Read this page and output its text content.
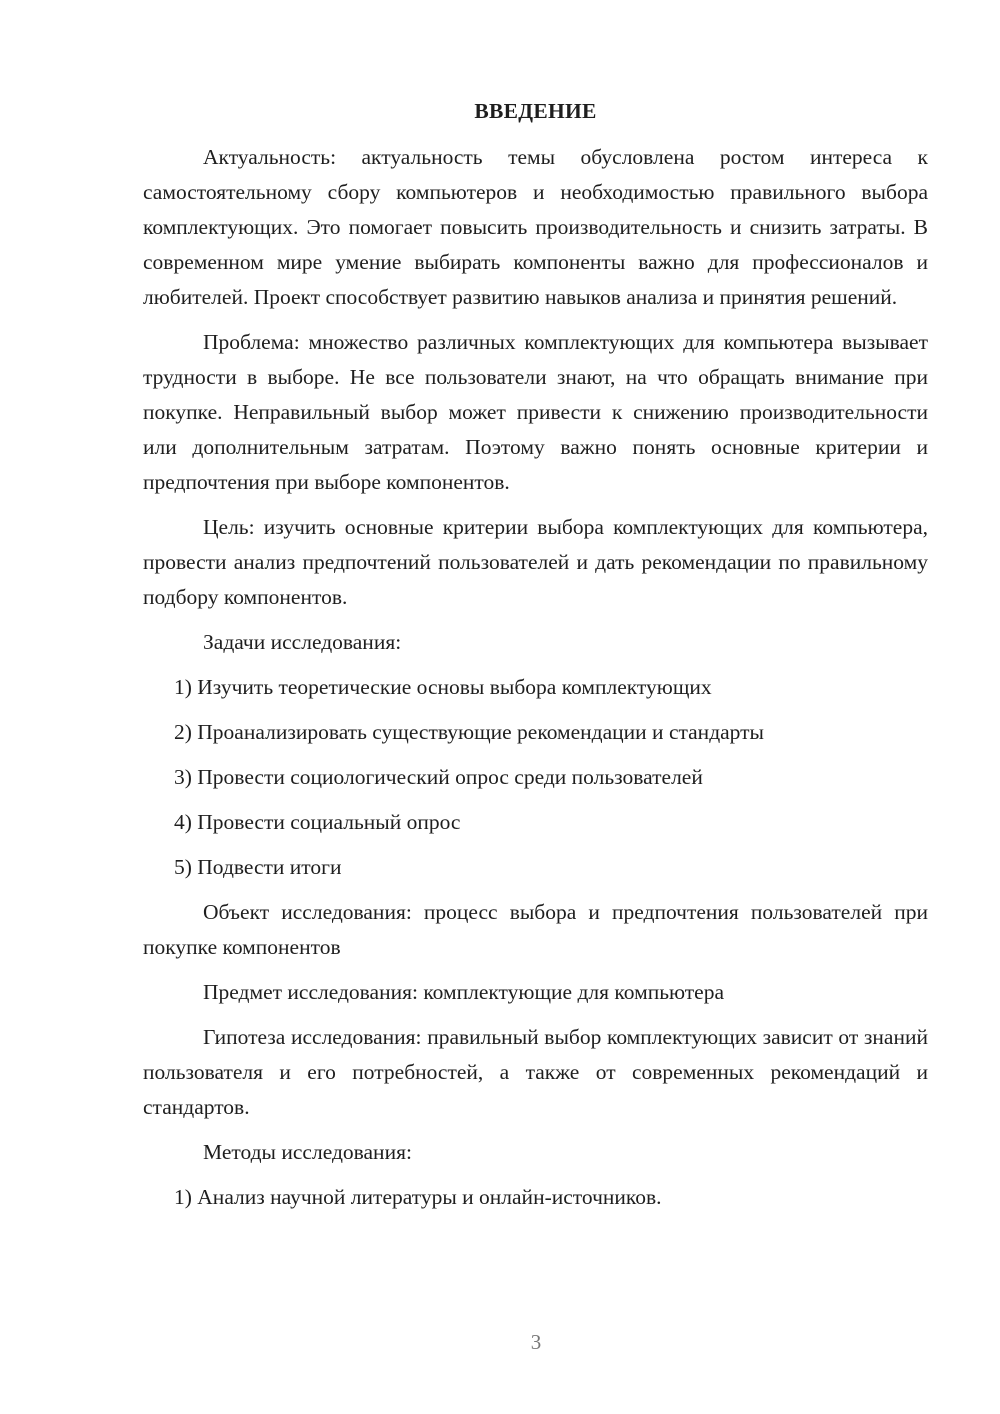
ВВЕДЕНИЕ
Актуальность: актуальность темы обусловлена ростом интереса к самостоятельному сбору компьютеров и необходимостью правильного выбора комплектующих. Это помогает повысить производительность и снизить затраты. В современном мире умение выбирать компоненты важно для профессионалов и любителей. Проект способствует развитию навыков анализа и принятия решений.
Проблема: множество различных комплектующих для компьютера вызывает трудности в выборе. Не все пользователи знают, на что обращать внимание при покупке. Неправильный выбор может привести к снижению производительности или дополнительным затратам. Поэтому важно понять основные критерии и предпочтения при выборе компонентов.
Цель: изучить основные критерии выбора комплектующих для компьютера, провести анализ предпочтений пользователей и дать рекомендации по правильному подбору компонентов.
Задачи исследования:
1) Изучить теоретические основы выбора комплектующих
2) Проанализировать существующие рекомендации и стандарты
3) Провести социологический опрос среди пользователей
4) Провести социальный опрос
5) Подвести итоги
Объект исследования: процесс выбора и предпочтения пользователей при покупке компонентов
Предмет исследования: комплектующие для компьютера
Гипотеза исследования: правильный выбор комплектующих зависит от знаний пользователя и его потребностей, а также от современных рекомендаций и стандартов.
Методы исследования:
1) Анализ научной литературы и онлайн-источников.
3
